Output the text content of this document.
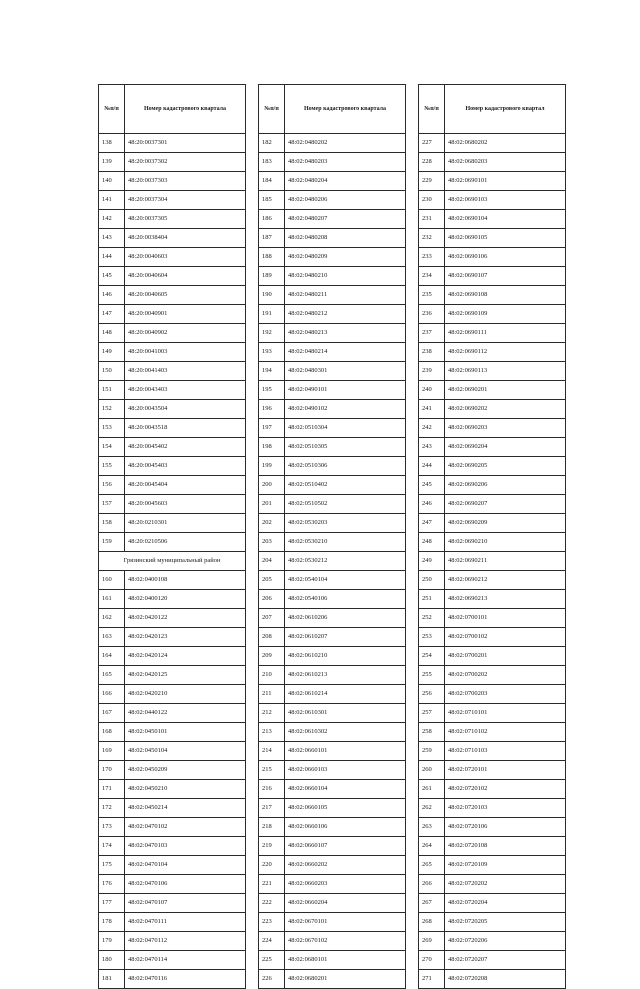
№п/п	Номер кадастрового квартала
138	48:20:0037301
139	48:20:0037302
140	48:20:0037303
141	48:20:0037304
142	48:20:0037305
143	48:20:0038404
144	48:20:0040603
145	48:20:0040604
146	48:20:0040605
147	48:20:0040901
148	48:20:0040902
149	48:20:0041003
150	48:20:0041403
151	48:20:0043403
152	48:20:0043504
153	48:20:0043518
154	48:20:0045402
155	48:20:0045403
156	48:20:0045404
157	48:20:0045603
158	48:20:0210301
159	48:20:0210506
Грязинский муниципальный район	
160	48:02:0400108
161	48:02:0400120
162	48:02:0420122
163	48:02:0420123
164	48:02:0420124
165	48:02:0420125
166	48:02:0420210
167	48:02:0440122
168	48:02:0450101
169	48:02:0450104
170	48:02:0450209
171	48:02:0450210
172	48:02:0450214
173	48:02:0470102
174	48:02:0470103
175	48:02:0470104
176	48:02:0470106
177	48:02:0470107
178	48:02:0470111
179	48:02:0470112
180	48:02:0470114
181	48:02:0470116
№п/п	Номер кадастрового квартала
182	48:02:0480202
183	48:02:0480203
184	48:02:0480204
185	48:02:0480206
186	48:02:0480207
187	48:02:0480208
188	48:02:0480209
189	48:02:0480210
190	48:02:0480211
191	48:02:0480212
192	48:02:0480213
193	48:02:0480214
194	48:02:0480301
195	48:02:0490101
196	48:02:0490102
197	48:02:0510304
198	48:02:0510305
199	48:02:0510306
200	48:02:0510402
201	48:02:0510502
202	48:02:0530203
203	48:02:0530210
204	48:02:0530212
205	48:02:0540104
206	48:02:0540106
207	48:02:0610206
208	48:02:0610207
209	48:02:0610210
210	48:02:0610213
211	48:02:0610214
212	48:02:0610301
213	48:02:0610302
214	48:02:0660101
215	48:02:0660103
216	48:02:0660104
217	48:02:0660105
218	48:02:0660106
219	48:02:0660107
220	48:02:0660202
221	48:02:0660203
222	48:02:0660204
223	48:02:0670101
224	48:02:0670102
225	48:02:0680101
226	48:02:0680201
№п/п	Номер кадастрового квартал
227	48:02:0680202
228	48:02:0680203
229	48:02:0690101
230	48:02:0690103
231	48:02:0690104
232	48:02:0690105
233	48:02:0690106
234	48:02:0690107
235	48:02:0690108
236	48:02:0690109
237	48:02:0690111
238	48:02:0690112
239	48:02:0690113
240	48:02:0690201
241	48:02:0690202
242	48:02:0690203
243	48:02:0690204
244	48:02:0690205
245	48:02:0690206
246	48:02:0690207
247	48:02:0690209
248	48:02:0690210
249	48:02:0690211
250	48:02:0690212
251	48:02:0690213
252	48:02:0700101
253	48:02:0700102
254	48:02:0700201
255	48:02:0700202
256	48:02:0700203
257	48:02:0710101
258	48:02:0710102
259	48:02:0710103
260	48:02:0720101
261	48:02:0720102
262	48:02:0720103
263	48:02:0720106
264	48:02:0720108
265	48:02:0720109
266	48:02:0720202
267	48:02:0720204
268	48:02:0720205
269	48:02:0720206
270	48:02:0720207
271	48:02:0720208
